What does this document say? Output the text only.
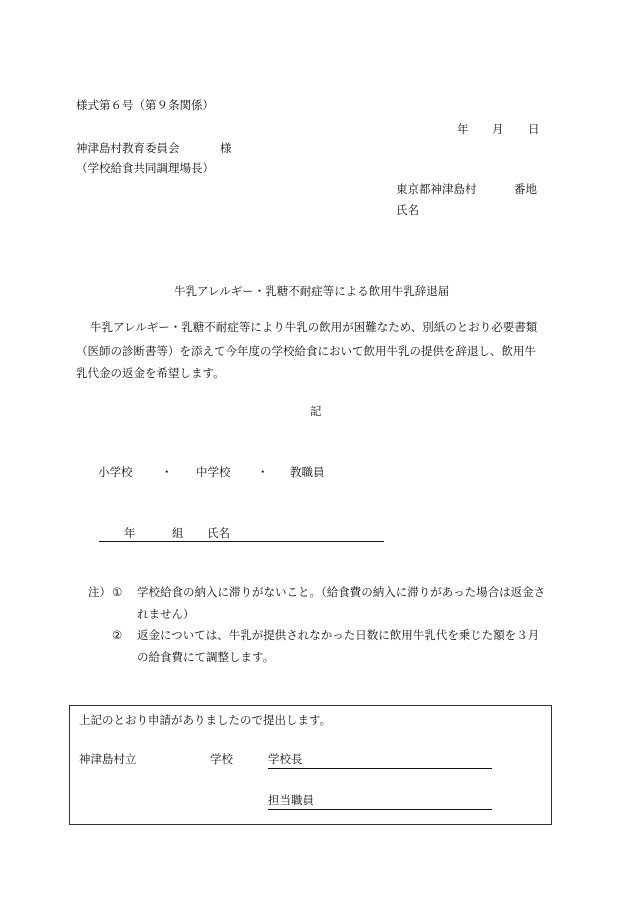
様式第６号（第９条関係）
年 月 日
神津島村教育委員会	様
（学校給食共同調理場長）
東京都神津島村	番地
氏名
牛乳アレルギー・乳糖不耐症等による飲用牛乳辞退届
牛乳アレルギー・乳糖不耐症等により牛乳の飲用が困難なため、別紙のとおり必要書類
（医師の診断書等）を添えて今年度の学校給食において飲用牛乳の提供を辞退し、飲用牛
乳代金の返金を希望します。
記
小学校 ・ 中学校 ・ 教職員
年	組 氏名
注） ① 学校給食の納入に滞りがないこと。（給食費の納入に滞りがあった場合は返金さ
れません）
② 返金については、牛乳が提供されなかった日数に飲用牛乳代を乗じた額を３月
の給食費にて調整します。
上記のとおり申請がありましたので提出します。
神津島村立	学校	学校長
担当職員
